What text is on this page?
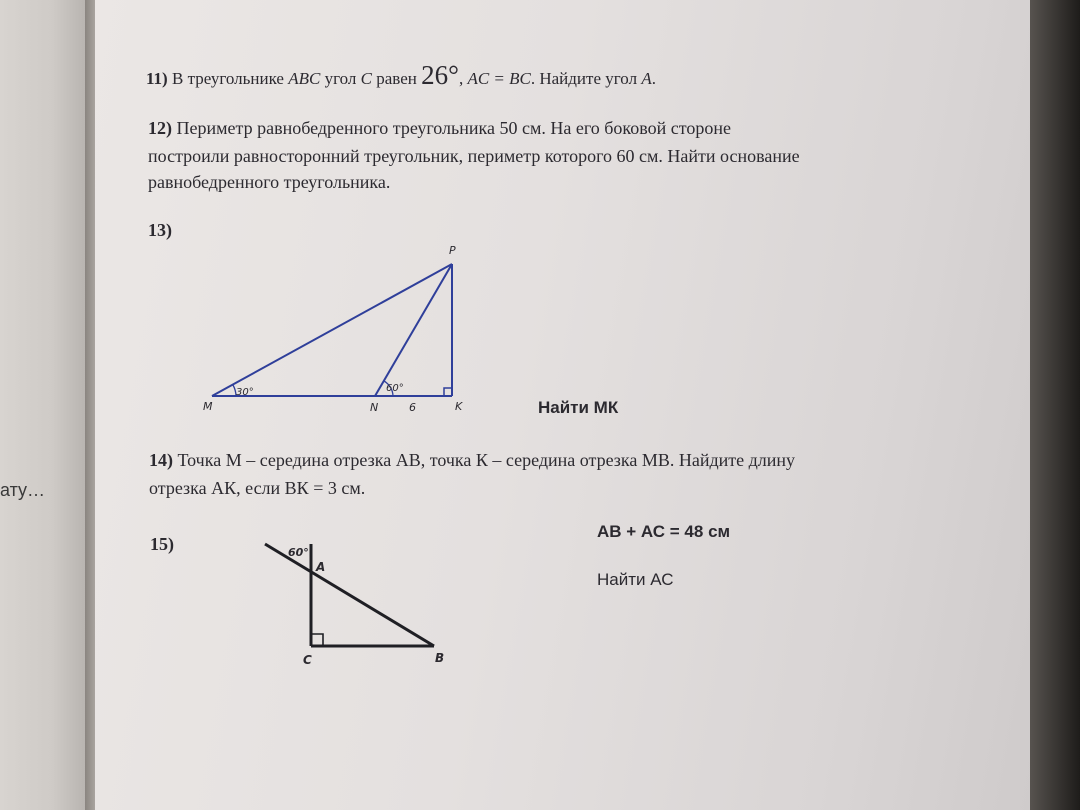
ату…
11) В треугольнике ABC угол C равен 26°, AC = BC. Найдите угол A.
12) Периметр равнобедренного треугольника 50 см. На его боковой стороне
построили равносторонний треугольник, периметр которого 60 см. Найти основание
равнобедренного треугольника.
13)
Найти МК
14) Точка М – середина отрезка АВ, точка К – середина отрезка МВ. Найдите длину
отрезка АК, если ВК = 3 см.
15)
АВ + АС = 48 см
Найти АС
P
M	N	K
30°	60°
6
60°
A
B
C
